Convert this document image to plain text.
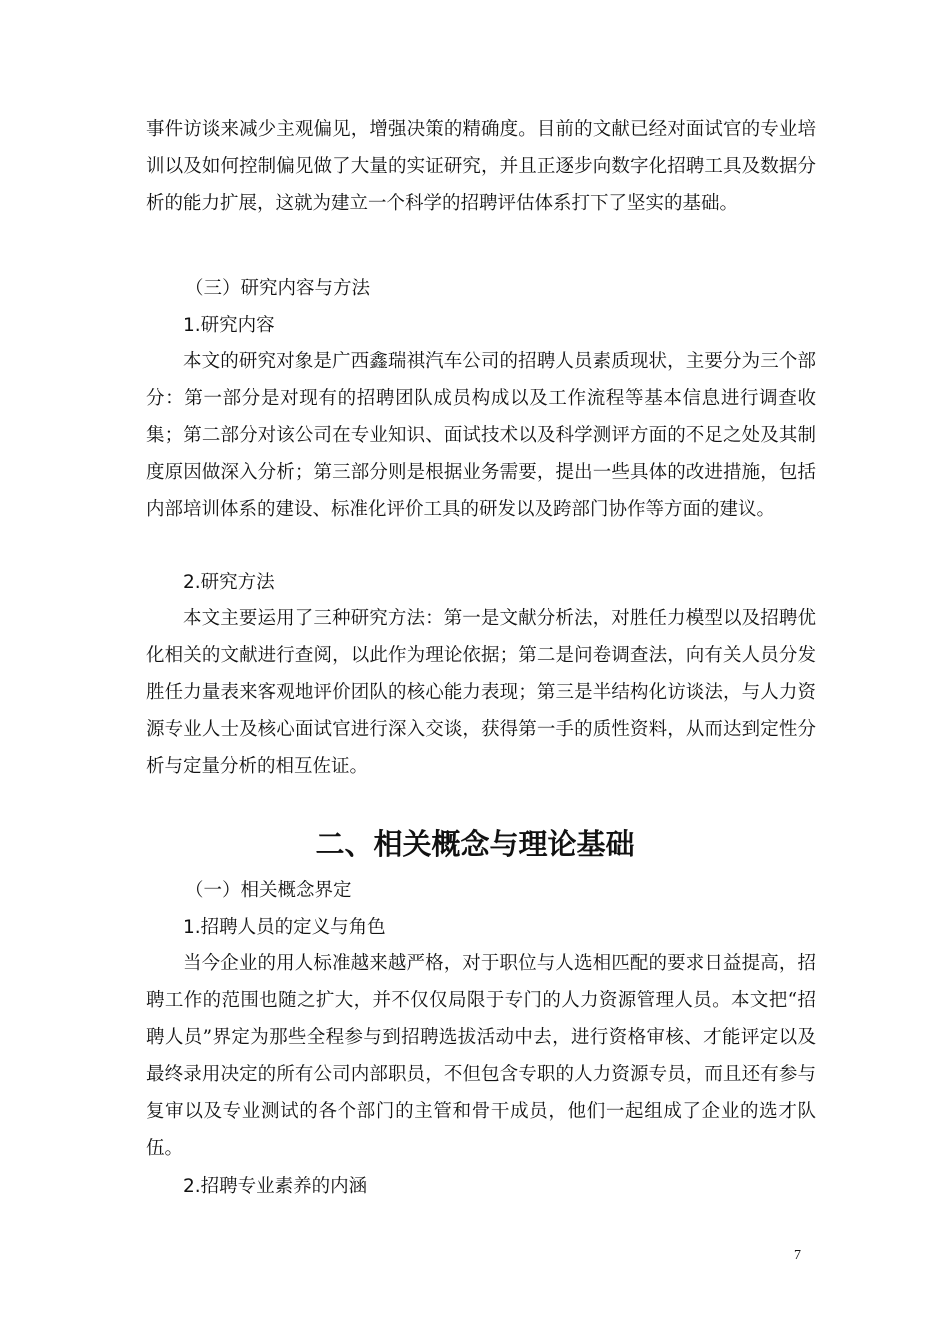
事件访谈来减少主观偏见，增强决策的精确度。目前的文献已经对面试官的专业培训以及如何控制偏见做了大量的实证研究，并且正逐步向数字化招聘工具及数据分析的能力扩展，这就为建立一个科学的招聘评估体系打下了坚实的基础。

（三）研究内容与方法

1.研究内容

本文的研究对象是广西鑫瑞祺汽车公司的招聘人员素质现状，主要分为三个部分：第一部分是对现有的招聘团队成员构成以及工作流程等基本信息进行调查收集；第二部分对该公司在专业知识、面试技术以及科学测评方面的不足之处及其制度原因做深入分析；第三部分则是根据业务需要，提出一些具体的改进措施，包括内部培训体系的建设、标准化评价工具的研发以及跨部门协作等方面的建议。

2.研究方法

本文主要运用了三种研究方法：第一是文献分析法，对胜任力模型以及招聘优化相关的文献进行查阅，以此作为理论依据；第二是问卷调查法，向有关人员分发胜任力量表来客观地评价团队的核心能力表现；第三是半结构化访谈法，与人力资源专业人士及核心面试官进行深入交谈，获得第一手的质性资料，从而达到定性分析与定量分析的相互佐证。

二、相关概念与理论基础

（一）相关概念界定

1.招聘人员的定义与角色

当今企业的用人标准越来越严格，对于职位与人选相匹配的要求日益提高，招聘工作的范围也随之扩大，并不仅仅局限于专门的人力资源管理人员。本文把“招聘人员”界定为那些全程参与到招聘选拔活动中去，进行资格审核、才能评定以及最终录用决定的所有公司内部职员，不但包含专职的人力资源专员，而且还有参与复审以及专业测试的各个部门的主管和骨干成员，他们一起组成了企业的选才队伍。

2.招聘专业素养的内涵

7
